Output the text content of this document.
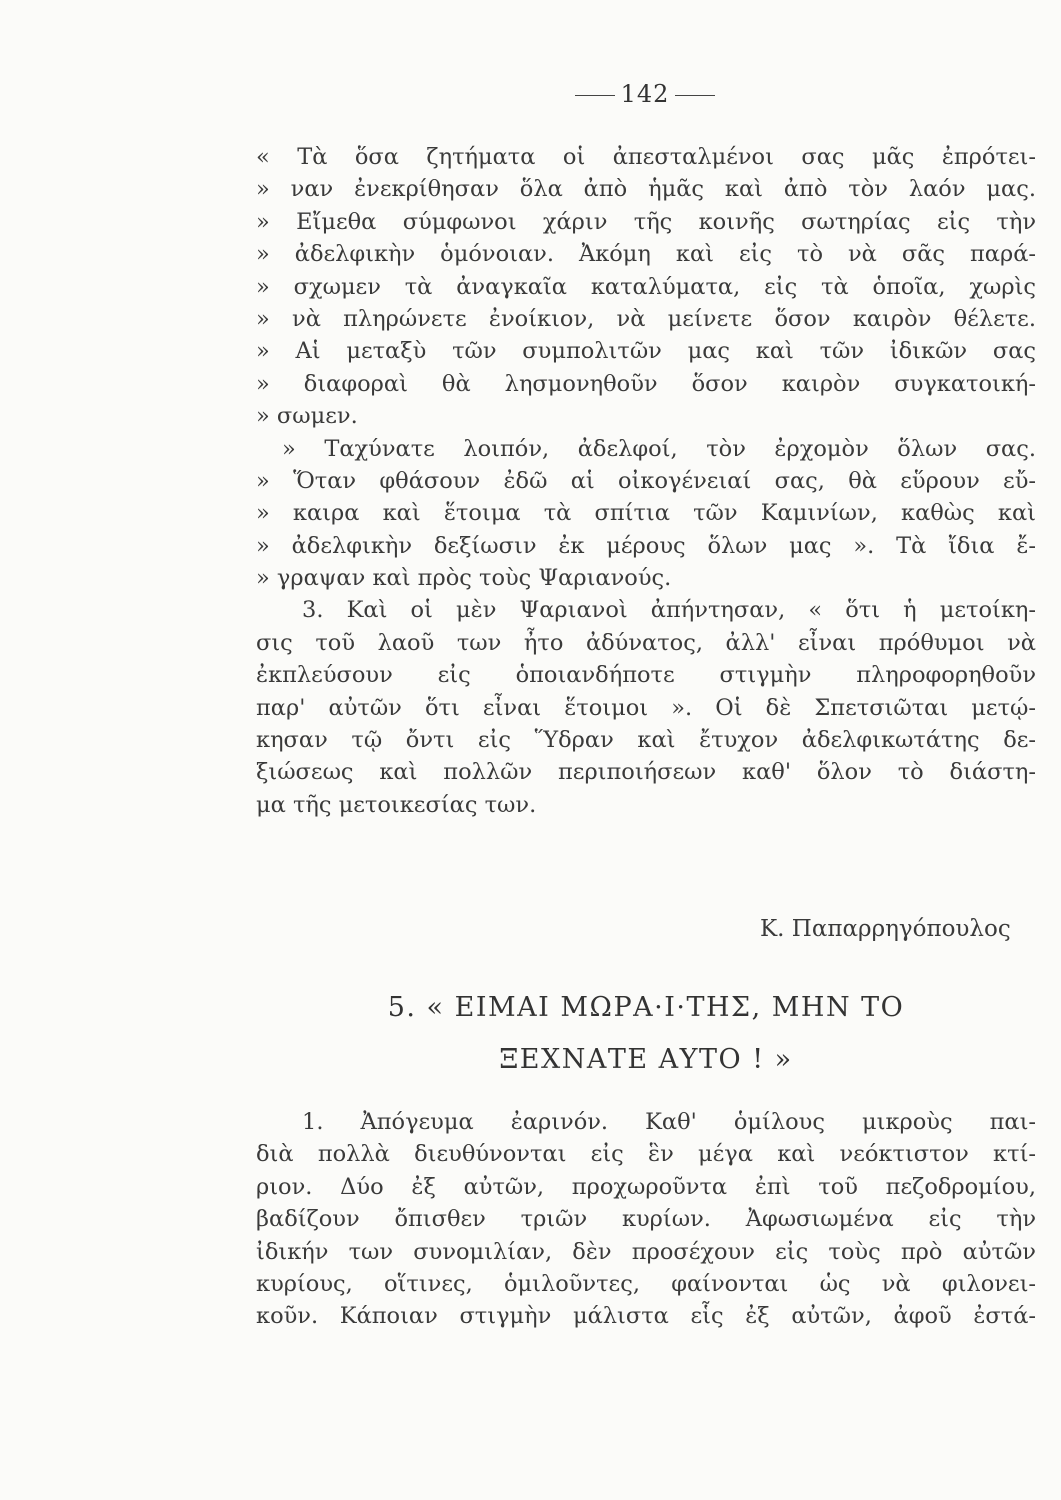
142
« Τὰ ὅσα ζητήματα οἱ ἀπεσταλμένοι σας μᾶς ἐπρότει-
» ναν ἐνεκρίθησαν ὅλα ἀπὸ ἡμᾶς καὶ ἀπὸ τὸν λαόν μας.
» Εἴμεθα σύμφωνοι χάριν τῆς κοινῆς σωτηρίας εἰς τὴν
» ἀδελφικὴν ὁμόνοιαν. Ἀκόμη καὶ εἰς τὸ νὰ σᾶς παρά-
» σχωμεν τὰ ἀναγκαῖα καταλύματα, εἰς τὰ ὁποῖα, χωρὶς
» νὰ πληρώνετε ἐνοίκιον, νὰ μείνετε ὅσον καιρὸν θέλετε.
» Αἱ μεταξὺ τῶν συμπολιτῶν μας καὶ τῶν ἰδικῶν σας
» διαφοραὶ θὰ λησμονηθοῦν ὅσον καιρὸν συγκατοική-
» σωμεν.
» Ταχύνατε λοιπόν, ἀδελφοί, τὸν ἐρχομὸν ὅλων σας.
» Ὅταν φθάσουν ἐδῶ αἱ οἰκογένειαί σας, θὰ εὕρουν εὔ-
» καιρα καὶ ἕτοιμα τὰ σπίτια τῶν Καμινίων, καθὼς καὶ
» ἀδελφικὴν δεξίωσιν ἐκ μέρους ὅλων μας ». Τὰ ἴδια ἔ-
» γραψαν καὶ πρὸς τοὺς Ψαριανούς.
3. Καὶ οἱ μὲν Ψαριανοὶ ἀπήντησαν, « ὅτι ἡ μετοίκη-
σις τοῦ λαοῦ των ἦτο ἀδύνατος, ἀλλ' εἶναι πρόθυμοι νὰ
ἐκπλεύσουν εἰς ὁποιανδήποτε στιγμὴν πληροφορηθοῦν
παρ' αὐτῶν ὅτι εἶναι ἕτοιμοι ». Οἱ δὲ Σπετσιῶται μετῴ-
κησαν τῷ ὄντι εἰς Ὕδραν καὶ ἔτυχον ἀδελφικωτάτης δε-
ξιώσεως καὶ πολλῶν περιποιήσεων καθ' ὅλον τὸ διάστη-
μα τῆς μετοικεσίας των.
Κ. Παπαρρηγόπουλος
5. « ΕΙΜΑΙ ΜΩΡΑ·Ι·ΤΗΣ, ΜΗΝ ΤΟ
ΞΕΧΝΑΤΕ ΑΥΤΟ ! »
1. Ἀπόγευμα ἐαρινόν. Καθ' ὁμίλους μικροὺς παι-
διὰ πολλὰ διευθύνονται εἰς ἓν μέγα καὶ νεόκτιστον κτί-
ριον. Δύο ἐξ αὐτῶν, προχωροῦντα ἐπὶ τοῦ πεζοδρομίου,
βαδίζουν ὄπισθεν τριῶν κυρίων. Ἀφωσιωμένα εἰς τὴν
ἰδικήν των συνομιλίαν, δὲν προσέχουν εἰς τοὺς πρὸ αὐτῶν
κυρίους, οἵτινες, ὁμιλοῦντες, φαίνονται ὡς νὰ φιλονει-
κοῦν. Κάποιαν στιγμὴν μάλιστα εἷς ἐξ αὐτῶν, ἀφοῦ ἐστά-
